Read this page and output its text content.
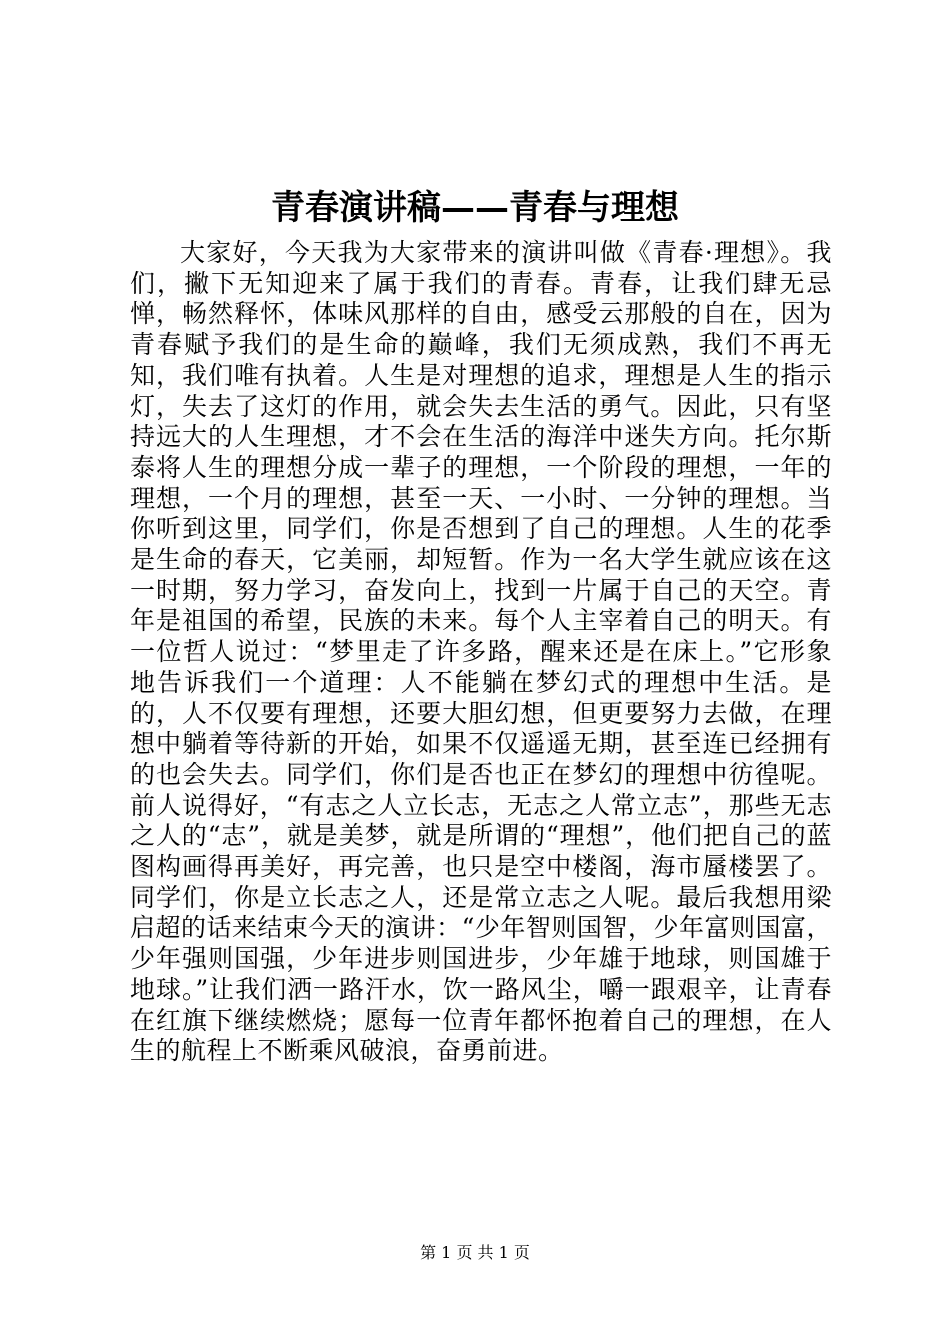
青春演讲稿——青春与理想

大家好，今天我为大家带来的演讲叫做《青春·理想》。我们，撇下无知迎来了属于我们的青春。青春，让我们肆无忌惮，畅然释怀，体味风那样的自由，感受云那般的自在，因为青春赋予我们的是生命的巅峰，我们无须成熟，我们不再无知，我们唯有执着。人生是对理想的追求，理想是人生的指示灯，失去了这灯的作用，就会失去生活的勇气。因此，只有坚持远大的人生理想，才不会在生活的海洋中迷失方向。托尔斯泰将人生的理想分成一辈子的理想，一个阶段的理想，一年的理想，一个月的理想，甚至一天、一小时、一分钟的理想。当你听到这里，同学们，你是否想到了自己的理想。人生的花季是生命的春天，它美丽，却短暂。作为一名大学生就应该在这一时期，努力学习，奋发向上，找到一片属于自己的天空。青年是祖国的希望，民族的未来。每个人主宰着自己的明天。有一位哲人说过：“梦里走了许多路，醒来还是在床上。”它形象地告诉我们一个道理：人不能躺在梦幻式的理想中生活。是的，人不仅要有理想，还要大胆幻想，但更要努力去做，在理想中躺着等待新的开始，如果不仅遥遥无期，甚至连已经拥有的也会失去。同学们，你们是否也正在梦幻的理想中彷徨呢。前人说得好，“有志之人立长志，无志之人常立志”，那些无志之人的“志”，就是美梦，就是所谓的“理想”，他们把自己的蓝图构画得再美好，再完善，也只是空中楼阁，海市蜃楼罢了。同学们，你是立长志之人，还是常立志之人呢。最后我想用梁启超的话来结束今天的演讲：“少年智则国智，少年富则国富，少年强则国强，少年进步则国进步，少年雄于地球，则国雄于地球。”让我们洒一路汗水，饮一路风尘，嚼一跟艰辛，让青春在红旗下继续燃烧；愿每一位青年都怀抱着自己的理想，在人生的航程上不断乘风破浪，奋勇前进。

第 1 页 共 1 页
